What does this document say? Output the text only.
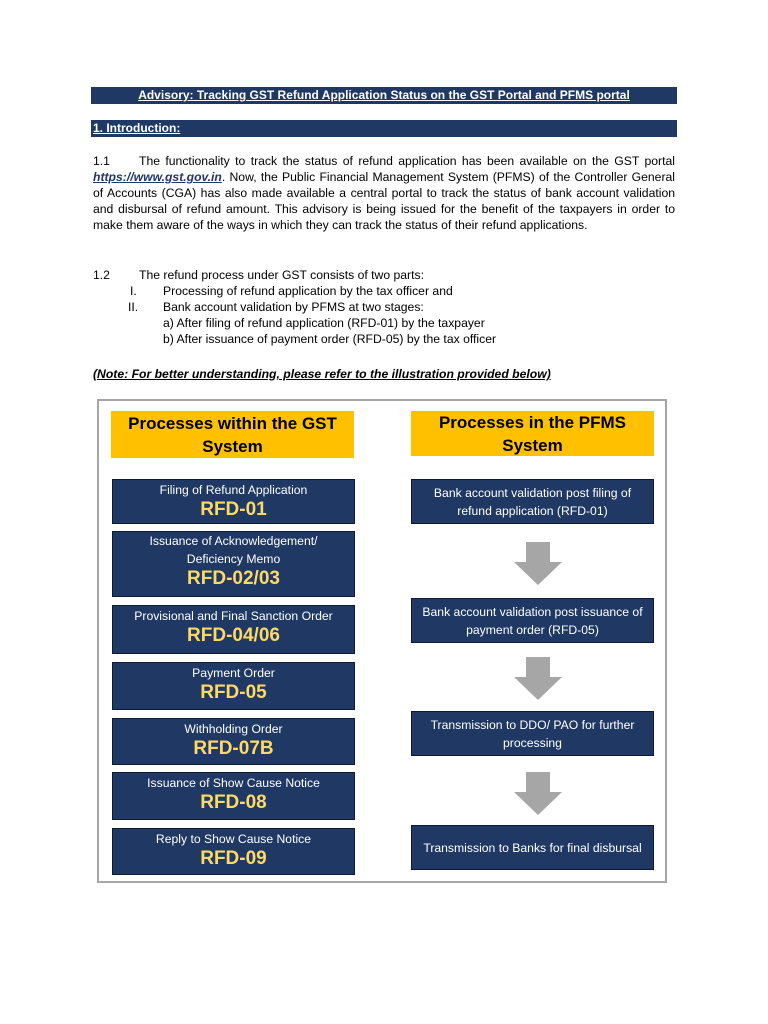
Advisory: Tracking GST Refund Application Status on the GST Portal and PFMS portal
1. Introduction:
1.1 The functionality to track the status of refund application has been available on the GST portal https://www.gst.gov.in. Now, the Public Financial Management System (PFMS) of the Controller General of Accounts (CGA) has also made available a central portal to track the status of bank account validation and disbursal of refund amount. This advisory is being issued for the benefit of the taxpayers in order to make them aware of the ways in which they can track the status of their refund applications.
1.2 The refund process under GST consists of two parts:
I. Processing of refund application by the tax officer and
II. Bank account validation by PFMS at two stages:
a) After filing of refund application (RFD-01) by the taxpayer
b) After issuance of payment order (RFD-05) by the tax officer
(Note: For better understanding, please refer to the illustration provided below)
Processes within the GST System
Processes in the PFMS System
Filing of Refund Application
RFD-01
Issuance of Acknowledgement/ Deficiency Memo
RFD-02/03
Provisional and Final Sanction Order
RFD-04/06
Payment Order
RFD-05
Withholding Order
RFD-07B
Issuance of Show Cause Notice
RFD-08
Reply to Show Cause Notice
RFD-09
Bank account validation post filing of refund application (RFD-01)
Bank account validation post issuance of payment order (RFD-05)
Transmission to DDO/ PAO for further processing
Transmission to Banks for final disbursal
